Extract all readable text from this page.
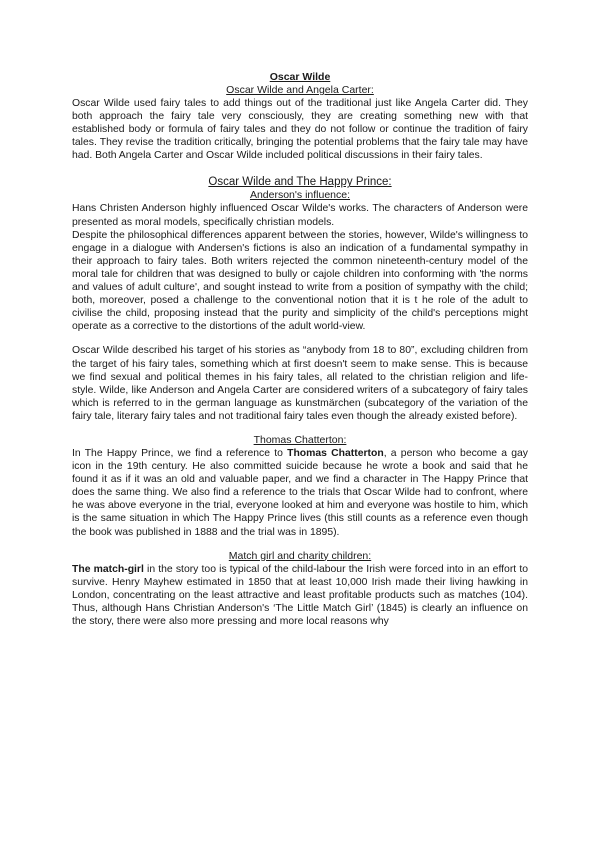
Oscar Wilde
Oscar Wilde and Angela Carter:

Oscar Wilde used fairy tales to add things out of the traditional just like Angela Carter did. They both approach the fairy tale very consciously, they are creating something new with that established body or formula of fairy tales and they do not follow or continue the tradition of fairy tales. They revise the tradition critically, bringing the potential problems that the fairy tale may have had. Both Angela Carter and Oscar Wilde included political discussions in their fairy tales.

Oscar Wilde and The Happy Prince:
Anderson's influence:

Hans Christen Anderson highly influenced Oscar Wilde's works. The characters of Anderson were presented as moral models, specifically christian models.

Despite the philosophical differences apparent between the stories, however, Wilde's willingness to engage in a dialogue with Andersen's fictions is also an indication of a fundamental sympathy in their approach to fairy tales. Both writers rejected the common nineteenth-century model of the moral tale for children that was designed to bully or cajole children into conforming with 'the norms and values of adult culture', and sought instead to write from a position of sympathy with the child; both, moreover, posed a challenge to the conventional notion that it is t he role of the adult to civilise the child, proposing instead that the purity and simplicity of the child's perceptions might operate as a corrective to the distortions of the adult world-view.

Oscar Wilde described his target of his stories as “anybody from 18 to 80”, excluding children from the target of his fairy tales, something which at first doesn't seem to make sense. This is because we find sexual and political themes in his fairy tales, all related to the christian religion and life-style. Wilde, like Anderson and Angela Carter are considered writers of a subcategory of fairy tales which is referred to in the german language as kunstmärchen (subcategory of the variation of the fairy tale, literary fairy tales and not traditional fairy tales even though the already existed before).

Thomas Chatterton:

In The Happy Prince, we find a reference to Thomas Chatterton, a person who become a gay icon in the 19th century. He also committed suicide because he wrote a book and said that he found it as if it was an old and valuable paper, and we find a character in The Happy Prince that does the same thing. We also find a reference to the trials that Oscar Wilde had to confront, where he was above everyone in the trial, everyone looked at him and everyone was hostile to him, which is the same situation in which The Happy Prince lives (this still counts as a reference even though the book was published in 1888 and the trial was in 1895).

Match girl and charity children:

The match-girl in the story too is typical of the child-labour the Irish were forced into in an effort to survive. Henry Mayhew estimated in 1850 that at least 10,000 Irish made their living hawking in London, concentrating on the least attractive and least profitable products such as matches (104). Thus, although Hans Christian Anderson's ‘The Little Match Girl’ (1845) is clearly an influence on the story, there were also more pressing and more local reasons why
